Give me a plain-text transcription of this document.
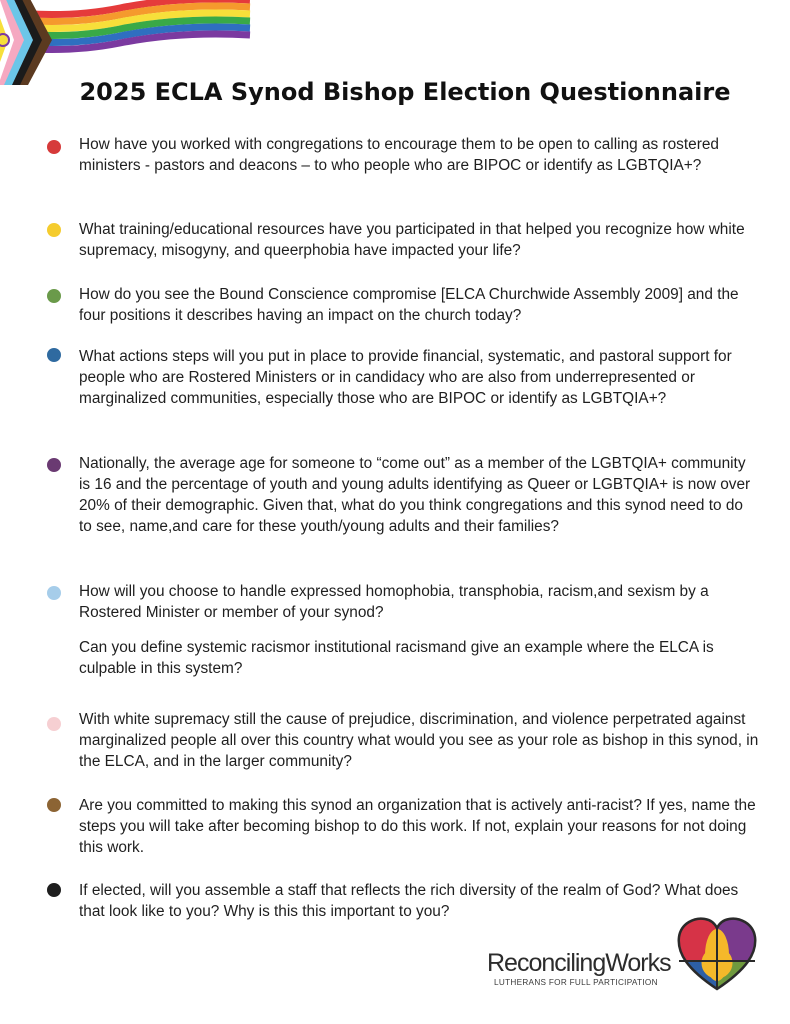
2025 ECLA Synod Bishop Election Questionnaire

How have you worked with congregations to encourage them to be open to calling as rostered ministers - pastors and deacons – to who people who are BIPOC or identify as LGBTQIA+?

What training/educational resources have you participated in that helped you recognize how white supremacy, misogyny, and queerphobia have impacted your life?

How do you see the Bound Conscience compromise [ELCA Churchwide Assembly 2009] and the four positions it describes having an impact on the church today?

What actions steps will you put in place to provide financial, systematic, and pastoral support for people who are Rostered Ministers or in candidacy who are also from underrepresented or marginalized communities, especially those who are BIPOC or identify as LGBTQIA+?

Nationally, the average age for someone to “come out” as a member of the LGBTQIA+ community is 16 and the percentage of youth and young adults identifying as Queer or LGBTQIA+ is now over 20% of their demographic. Given that, what do you think congregations and this synod need to do to see, name,and care for these youth/young adults and their families?

How will you choose to handle expressed homophobia, transphobia, racism,and sexism by a Rostered Minister or member of your synod?

Can you define systemic racismor institutional racismand give an example where the ELCA is culpable in this system?

With white supremacy still the cause of prejudice, discrimination, and violence perpetrated against marginalized people all over this country what would you see as your role as bishop in this synod, in the ELCA, and in the larger community?

Are you committed to making this synod an organization that is actively anti-racist? If yes, name the steps you will take after becoming bishop to do this work. If not, explain your reasons for not doing this work.

If elected, will you assemble a staff that reflects the rich diversity of the realm of God? What does that look like to you? Why is this this important to you?

ReconcilingWorks
LUTHERANS FOR FULL PARTICIPATION
